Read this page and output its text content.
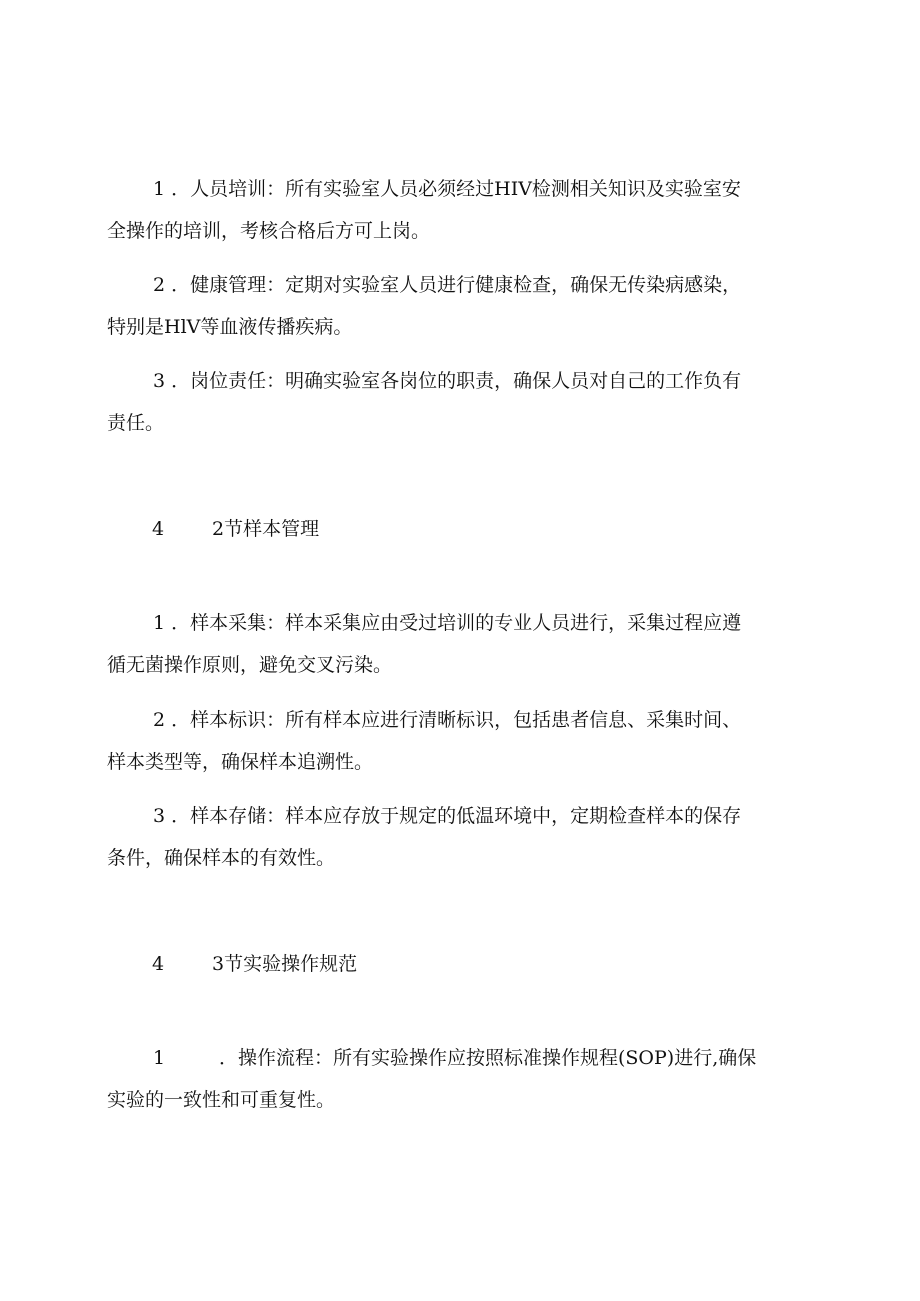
1 ．人员培训：所有实验室人员必须经过HIV检测相关知识及实验室安
全操作的培训，考核合格后方可上岗。

2 ．健康管理：定期对实验室人员进行健康检查，确保无传染病感染，
特别是HlV等血液传播疾病。

3 ．岗位责任：明确实验室各岗位的职责，确保人员对自己的工作负有
责任。

4	2节样本管理

1 ．样本采集：样本采集应由受过培训的专业人员进行，采集过程应遵
循无菌操作原则，避免交叉污染。

2 ．样本标识：所有样本应进行清晰标识，包括患者信息、采集时间、
样本类型等，确保样本追溯性。

3 ．样本存储：样本应存放于规定的低温环境中，定期检查样本的保存
条件，确保样本的有效性。

4	3节实验操作规范

1	．操作流程：所有实验操作应按照标准操作规程(SOP)进行,确保
实验的一致性和可重复性。
